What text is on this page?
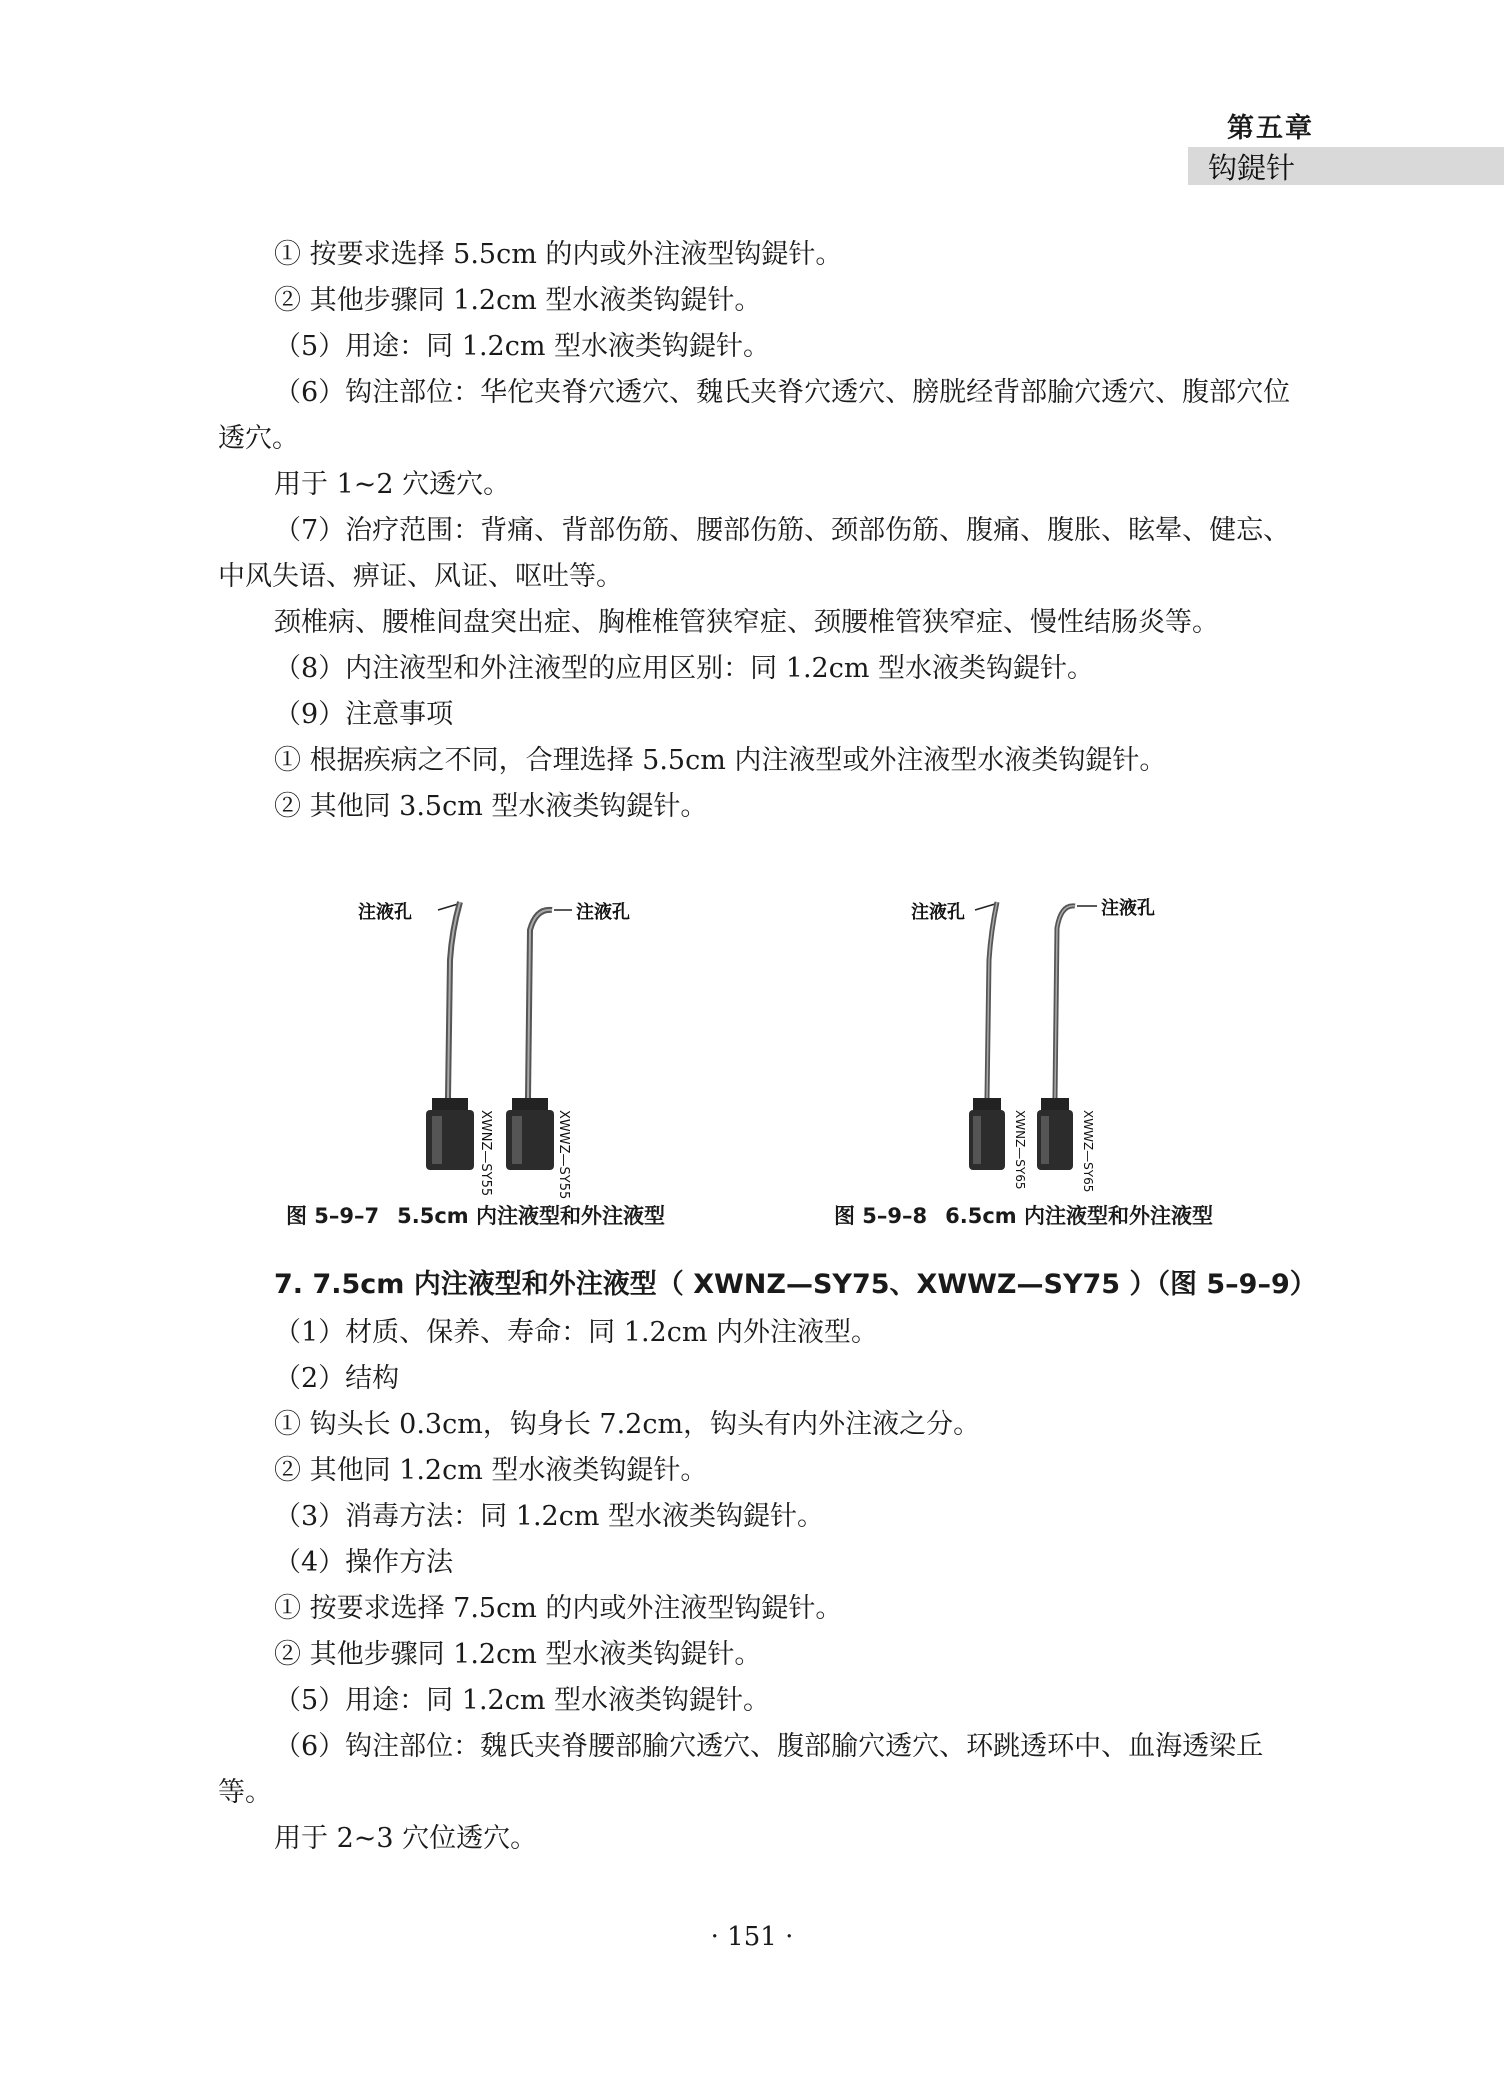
第五章
钩鍉针

① 按要求选择 5.5cm 的内或外注液型钩鍉针。

② 其他步骤同 1.2cm 型水液类钩鍉针。

（5）用途：同 1.2cm 型水液类钩鍉针。

（6）钩注部位：华佗夹脊穴透穴、魏氏夹脊穴透穴、膀胱经背部腧穴透穴、腹部穴位透穴。

用于 1~2 穴透穴。

（7）治疗范围：背痛、背部伤筋、腰部伤筋、颈部伤筋、腹痛、腹胀、眩晕、健忘、中风失语、痹证、风证、呕吐等。

颈椎病、腰椎间盘突出症、胸椎椎管狭窄症、颈腰椎管狭窄症、慢性结肠炎等。

（8）内注液型和外注液型的应用区别：同 1.2cm 型水液类钩鍉针。

（9）注意事项

① 根据疾病之不同，合理选择 5.5cm 内注液型或外注液型水液类钩鍉针。

② 其他同 3.5cm 型水液类钩鍉针。

注液孔	注液孔
XWNZ—SY55	XWWZ—SY55
图 5–9–7 5.5cm 内注液型和外注液型
注液孔	注液孔
XWNZ—SY65	XWWZ—SY65
图 5–9–8 6.5cm 内注液型和外注液型
7. 7.5cm 内注液型和外注液型（ XWNZ—SY75、XWWZ—SY75 ）（图 5–9–9）

（1）材质、保养、寿命：同 1.2cm 内外注液型。

（2）结构

① 钩头长 0.3cm，钩身长 7.2cm，钩头有内外注液之分。

② 其他同 1.2cm 型水液类钩鍉针。

（3）消毒方法：同 1.2cm 型水液类钩鍉针。

（4）操作方法

① 按要求选择 7.5cm 的内或外注液型钩鍉针。

② 其他步骤同 1.2cm 型水液类钩鍉针。

（5）用途：同 1.2cm 型水液类钩鍉针。

（6）钩注部位：魏氏夹脊腰部腧穴透穴、腹部腧穴透穴、环跳透环中、血海透梁丘等。

用于 2~3 穴位透穴。

· 151 ·
